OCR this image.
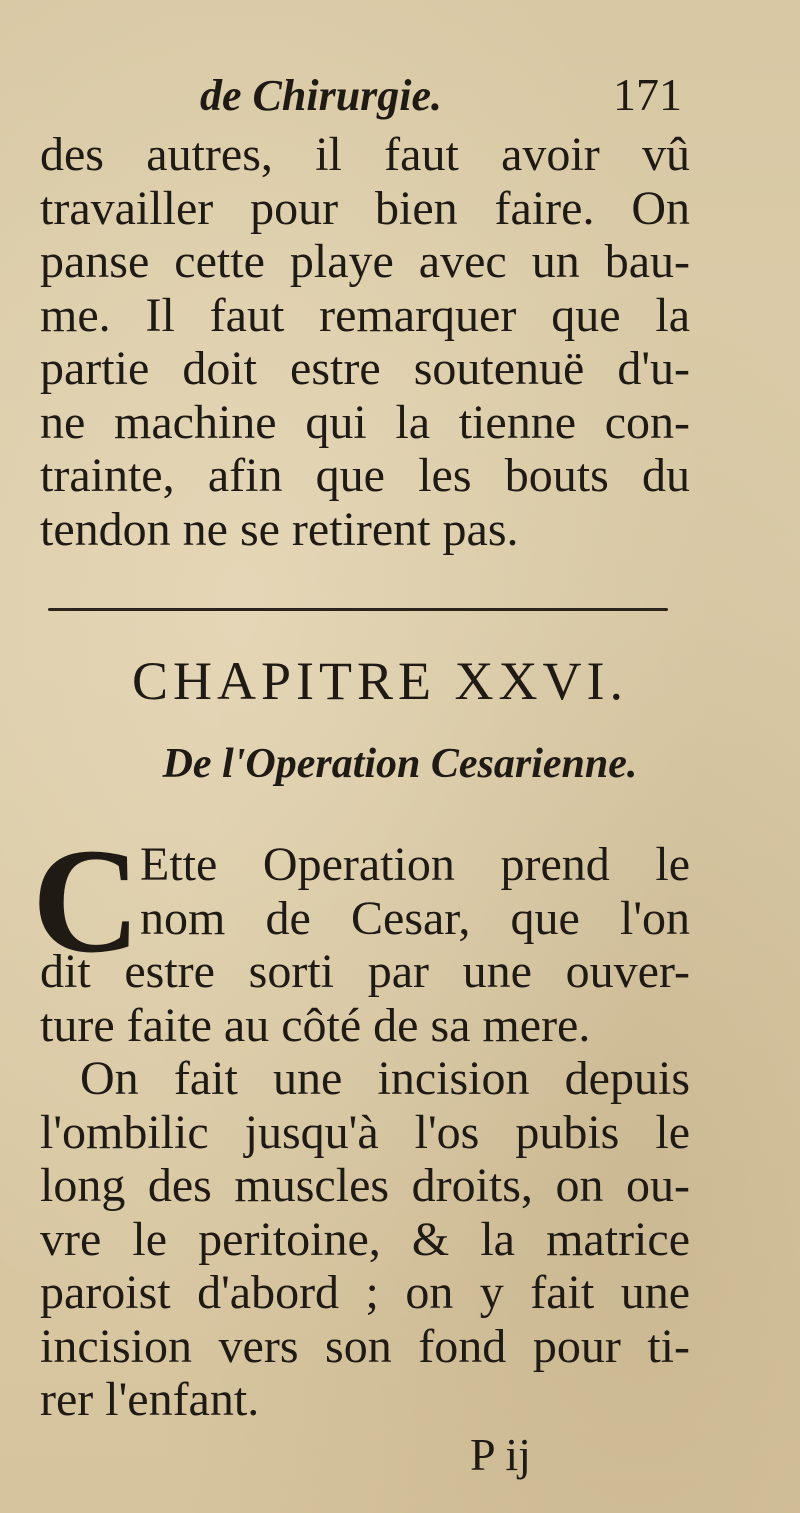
de Chirurgie.	171
des autres, il faut avoir vû
travailler pour bien faire. On
panse cette playe avec un bau-
me. Il faut remarquer que la
partie doit estre soutenuë d'u-
ne machine qui la tienne con-
trainte, afin que les bouts du
tendon ne se retirent pas.
CHAPITRE XXVI.
De l'Operation Cesarienne.
C Ette Operation prend le
nom de Cesar, que l'on
dit estre sorti par une ouver-
ture faite au côté de sa mere.
On fait une incision depuis
l'ombilic jusqu'à l'os pubis le
long des muscles droits, on ou-
vre le peritoine, & la matrice
paroist d'abord ; on y fait une
incision vers son fond pour ti-
rer l'enfant.
P ij
